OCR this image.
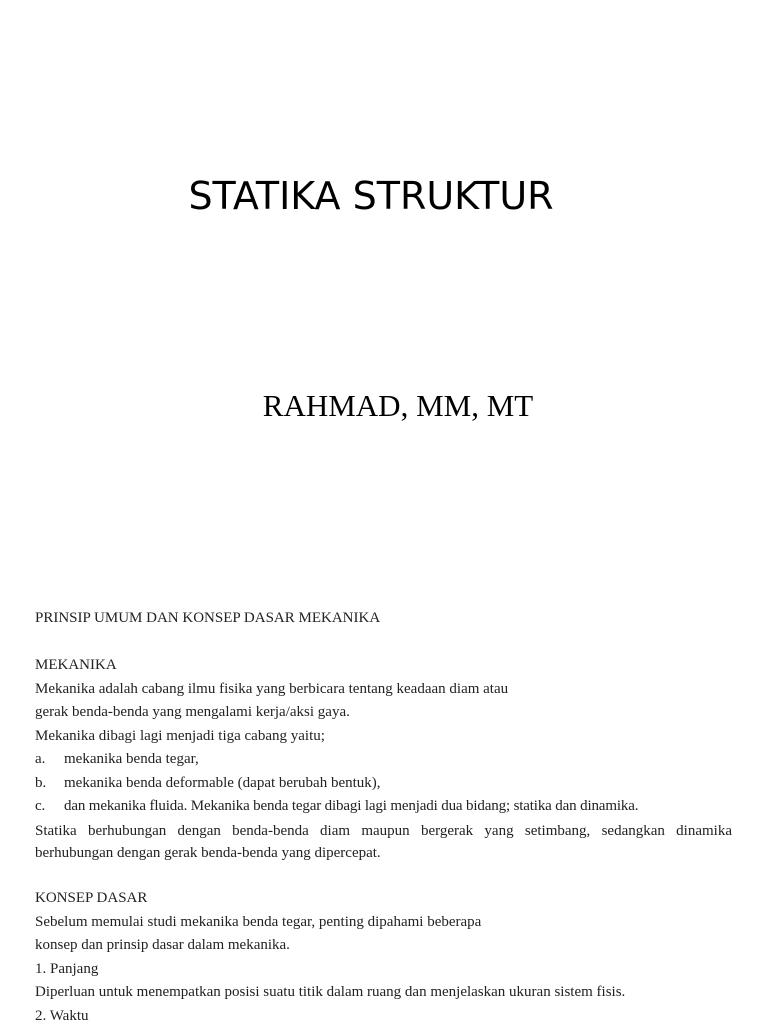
STATIKA STRUKTUR
RAHMAD, MM, MT
PRINSIP UMUM DAN KONSEP DASAR MEKANIKA
MEKANIKA
Mekanika adalah cabang ilmu fisika yang berbicara tentang keadaan diam atau
gerak benda-benda yang mengalami kerja/aksi gaya.
Mekanika dibagi lagi menjadi tiga cabang yaitu;
a. mekanika benda tegar,
b. mekanika benda deformable (dapat berubah bentuk),
c. dan mekanika fluida. Mekanika benda tegar dibagi lagi menjadi dua bidang; statika dan dinamika.
Statika berhubungan dengan benda-benda diam maupun bergerak yang setimbang, sedangkan dinamika berhubungan dengan gerak benda-benda yang dipercepat.
KONSEP DASAR
Sebelum memulai studi mekanika benda tegar, penting dipahami beberapa
konsep dan prinsip dasar dalam mekanika.
1. Panjang
Diperluan untuk menempatkan posisi suatu titik dalam ruang dan menjelaskan ukuran sistem fisis.
2. Waktu
